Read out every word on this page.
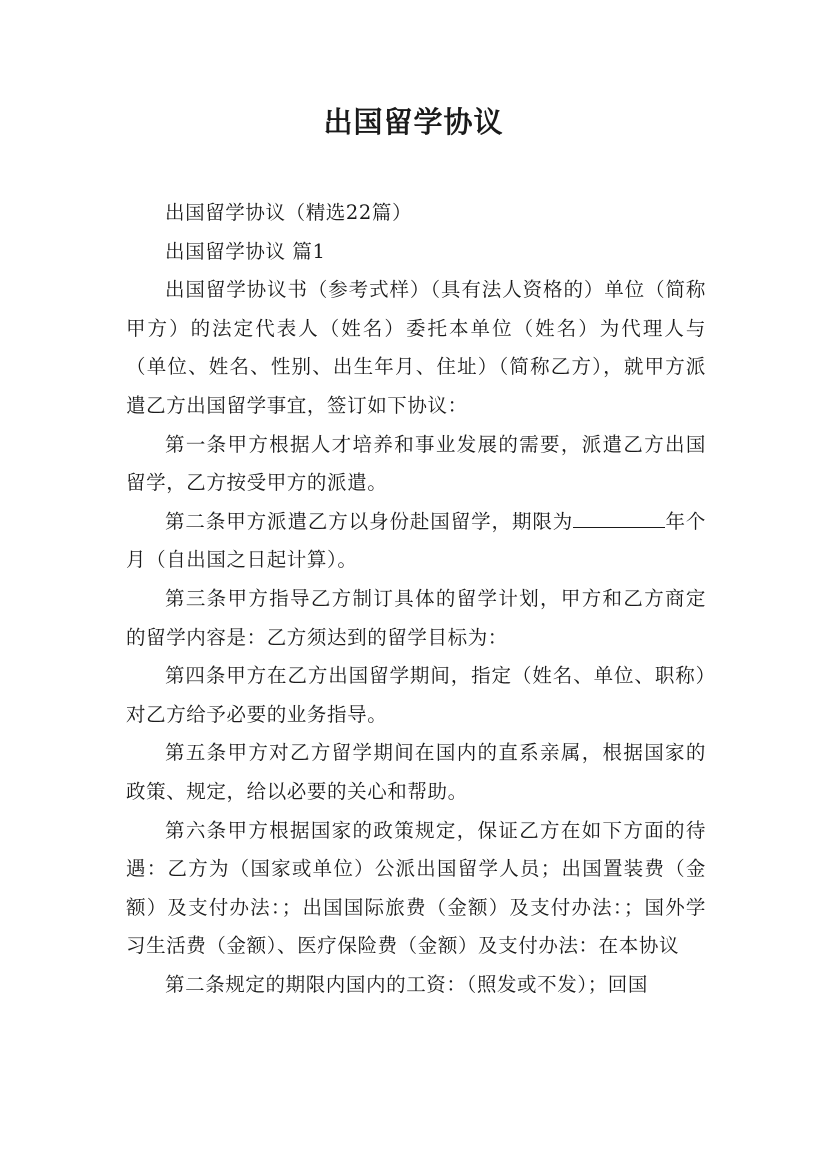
出国留学协议

出国留学协议（精选22篇）

出国留学协议 篇1

出国留学协议书（参考式样）（具有法人资格的）单位（简称甲方）的法定代表人（姓名）委托本单位（姓名）为代理人与（单位、姓名、性别、出生年月、住址）（简称乙方），就甲方派遣乙方出国留学事宜，签订如下协议：

第一条甲方根据人才培养和事业发展的需要，派遣乙方出国留学，乙方按受甲方的派遣。

第二条甲方派遣乙方以身份赴国留学，期限为	年个月（自出国之日起计算）。

第三条甲方指导乙方制订具体的留学计划，甲方和乙方商定的留学内容是：乙方须达到的留学目标为：

第四条甲方在乙方出国留学期间，指定（姓名、单位、职称）对乙方给予必要的业务指导。

第五条甲方对乙方留学期间在国内的直系亲属，根据国家的政策、规定，给以必要的关心和帮助。

第六条甲方根据国家的政策规定，保证乙方在如下方面的待遇：乙方为（国家或单位）公派出国留学人员；出国置装费（金额）及支付办法：；出国国际旅费（金额）及支付办法：；国外学习生活费（金额）、医疗保险费（金额）及支付办法：在本协议

第二条规定的期限内国内的工资：（照发或不发）；回国
